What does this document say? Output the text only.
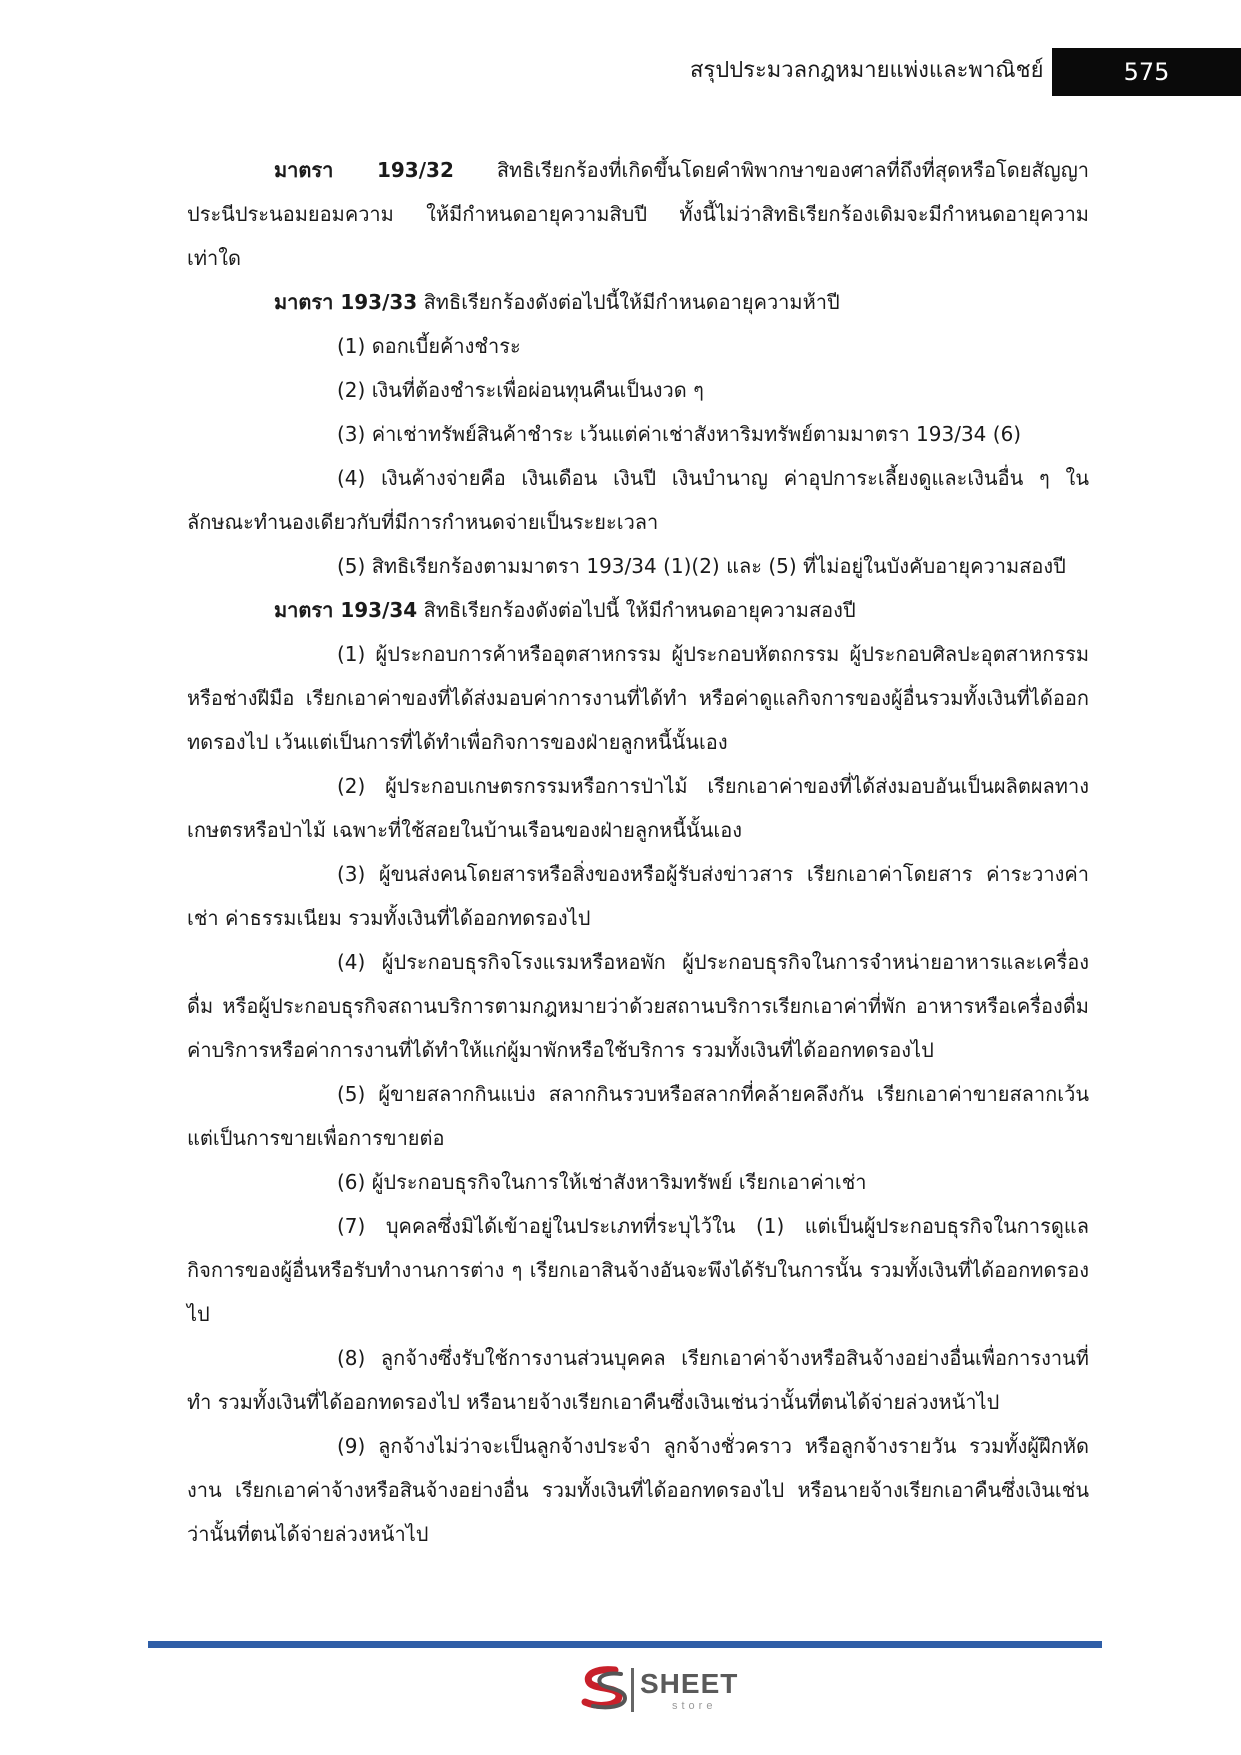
สรุปประมวลกฎหมายแพ่งและพาณิชย์	575

มาตรา 193/32 สิทธิเรียกร้องที่เกิดขึ้นโดยคำพิพากษาของศาลที่ถึงที่สุดหรือโดยสัญญาประนีประนอมยอมความ ให้มีกำหนดอายุความสิบปี ทั้งนี้ไม่ว่าสิทธิเรียกร้องเดิมจะมีกำหนดอายุความเท่าใด

มาตรา 193/33 สิทธิเรียกร้องดังต่อไปนี้ให้มีกำหนดอายุความห้าปี

(1) ดอกเบี้ยค้างชำระ

(2) เงินที่ต้องชำระเพื่อผ่อนทุนคืนเป็นงวด ๆ

(3) ค่าเช่าทรัพย์สินค้าชำระ เว้นแต่ค่าเช่าสังหาริมทรัพย์ตามมาตรา 193/34 (6)

(4) เงินค้างจ่ายคือ เงินเดือน เงินปี เงินบำนาญ ค่าอุปการะเลี้ยงดูและเงินอื่น ๆ ในลักษณะทำนองเดียวกับที่มีการกำหนดจ่ายเป็นระยะเวลา

(5) สิทธิเรียกร้องตามมาตรา 193/34 (1)(2) และ (5) ที่ไม่อยู่ในบังคับอายุความสองปี

มาตรา 193/34 สิทธิเรียกร้องดังต่อไปนี้ ให้มีกำหนดอายุความสองปี

(1) ผู้ประกอบการค้าหรืออุตสาหกรรม ผู้ประกอบหัตถกรรม ผู้ประกอบศิลปะอุตสาหกรรมหรือช่างฝีมือ เรียกเอาค่าของที่ได้ส่งมอบค่าการงานที่ได้ทำ หรือค่าดูแลกิจการของผู้อื่นรวมทั้งเงินที่ได้ออกทดรองไป เว้นแต่เป็นการที่ได้ทำเพื่อกิจการของฝ่ายลูกหนี้นั้นเอง

(2) ผู้ประกอบเกษตรกรรมหรือการป่าไม้ เรียกเอาค่าของที่ได้ส่งมอบอันเป็นผลิตผลทางเกษตรหรือป่าไม้ เฉพาะที่ใช้สอยในบ้านเรือนของฝ่ายลูกหนี้นั้นเอง

(3) ผู้ขนส่งคนโดยสารหรือสิ่งของหรือผู้รับส่งข่าวสาร เรียกเอาค่าโดยสาร ค่าระวางค่าเช่า ค่าธรรมเนียม รวมทั้งเงินที่ได้ออกทดรองไป

(4) ผู้ประกอบธุรกิจโรงแรมหรือหอพัก ผู้ประกอบธุรกิจในการจำหน่ายอาหารและเครื่องดื่ม หรือผู้ประกอบธุรกิจสถานบริการตามกฎหมายว่าด้วยสถานบริการเรียกเอาค่าที่พัก อาหารหรือเครื่องดื่มค่าบริการหรือค่าการงานที่ได้ทำให้แก่ผู้มาพักหรือใช้บริการ รวมทั้งเงินที่ได้ออกทดรองไป

(5) ผู้ขายสลากกินแบ่ง สลากกินรวบหรือสลากที่คล้ายคลึงกัน เรียกเอาค่าขายสลากเว้นแต่เป็นการขายเพื่อการขายต่อ

(6) ผู้ประกอบธุรกิจในการให้เช่าสังหาริมทรัพย์ เรียกเอาค่าเช่า

(7) บุคคลซึ่งมิได้เข้าอยู่ในประเภทที่ระบุไว้ใน (1) แต่เป็นผู้ประกอบธุรกิจในการดูแลกิจการของผู้อื่นหรือรับทำงานการต่าง ๆ เรียกเอาสินจ้างอันจะพึงได้รับในการนั้น รวมทั้งเงินที่ได้ออกทดรองไป

(8) ลูกจ้างซึ่งรับใช้การงานส่วนบุคคล เรียกเอาค่าจ้างหรือสินจ้างอย่างอื่นเพื่อการงานที่ทำ รวมทั้งเงินที่ได้ออกทดรองไป หรือนายจ้างเรียกเอาคืนซึ่งเงินเช่นว่านั้นที่ตนได้จ่ายล่วงหน้าไป

(9) ลูกจ้างไม่ว่าจะเป็นลูกจ้างประจำ ลูกจ้างชั่วคราว หรือลูกจ้างรายวัน รวมทั้งผู้ฝึกหัดงาน เรียกเอาค่าจ้างหรือสินจ้างอย่างอื่น รวมทั้งเงินที่ได้ออกทดรองไป หรือนายจ้างเรียกเอาคืนซึ่งเงินเช่นว่านั้นที่ตนได้จ่ายล่วงหน้าไป

SHEET
store
